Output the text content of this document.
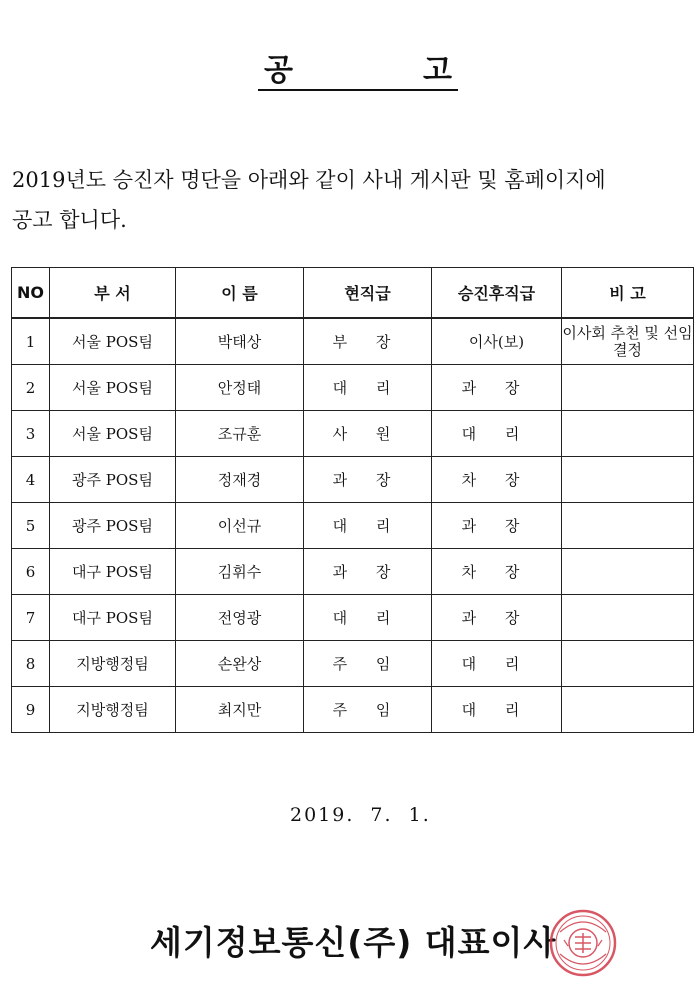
공	고
2019년도 승진자 명단을 아래와 같이 사내 게시판 및 홈페이지에
공고 합니다.
NO	부 서	이 름	현직급	승진후직급	비 고
1	서울 POS팀	박태상	부 장	이사(보)	이사회 추천 및 선임 결정
2	서울 POS팀	안정태	대 리	과 장	
3	서울 POS팀	조규훈	사 원	대 리	
4	광주 POS팀	정재경	과 장	차 장	
5	광주 POS팀	이선규	대 리	과 장	
6	대구 POS팀	김휘수	과 장	차 장	
7	대구 POS팀	전영광	대 리	과 장	
8	지방행정팀	손완상	주 임	대 리	
9	지방행정팀	최지만	주 임	대 리	
2019. 7. 1.
세기정보통신(주) 대표이사
